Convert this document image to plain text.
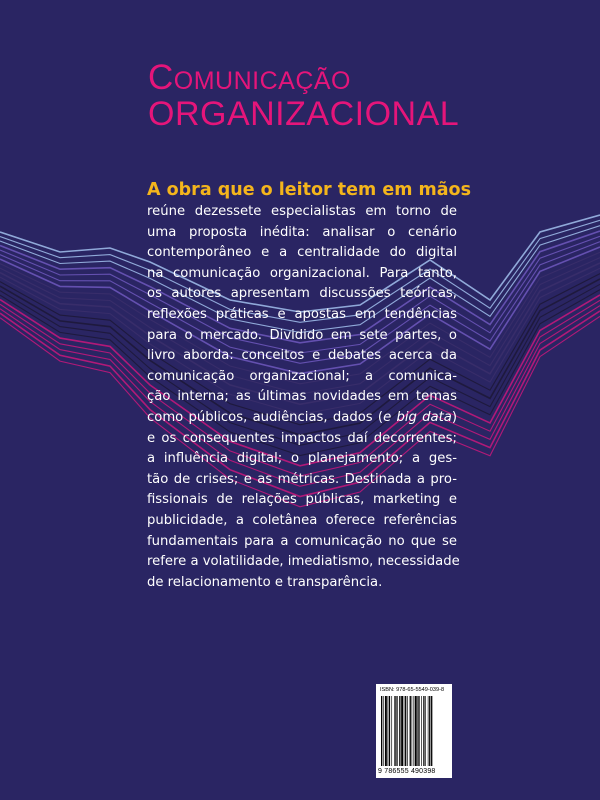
Comunicação
ORGANIZACIONAL
A obra que o leitor tem em mãos
reúne dezessete especialistas em torno de
uma proposta inédita: analisar o cenário
contemporâneo e a centralidade do digital
na comunicação organizacional. Para tanto,
os autores apresentam discussões teóricas,
reflexões práticas e apostas em tendências
para o mercado. Dividido em sete partes, o
livro aborda: conceitos e debates acerca da
comunicação organizacional; a comunica-
ção interna; as últimas novidades em temas
como públicos, audiências, dados (e big data)
e os consequentes impactos daí decorrentes;
a influência digital; o planejamento; a ges-
tão de crises; e as métricas. Destinada a pro-
fissionais de relações públicas, marketing e
publicidade, a coletânea oferece referências
fundamentais para a comunicação no que se
refere a volatilidade, imediatismo, necessidade
de relacionamento e transparência.
ISBN: 978-65-5549-039-8
9 786555 490398
